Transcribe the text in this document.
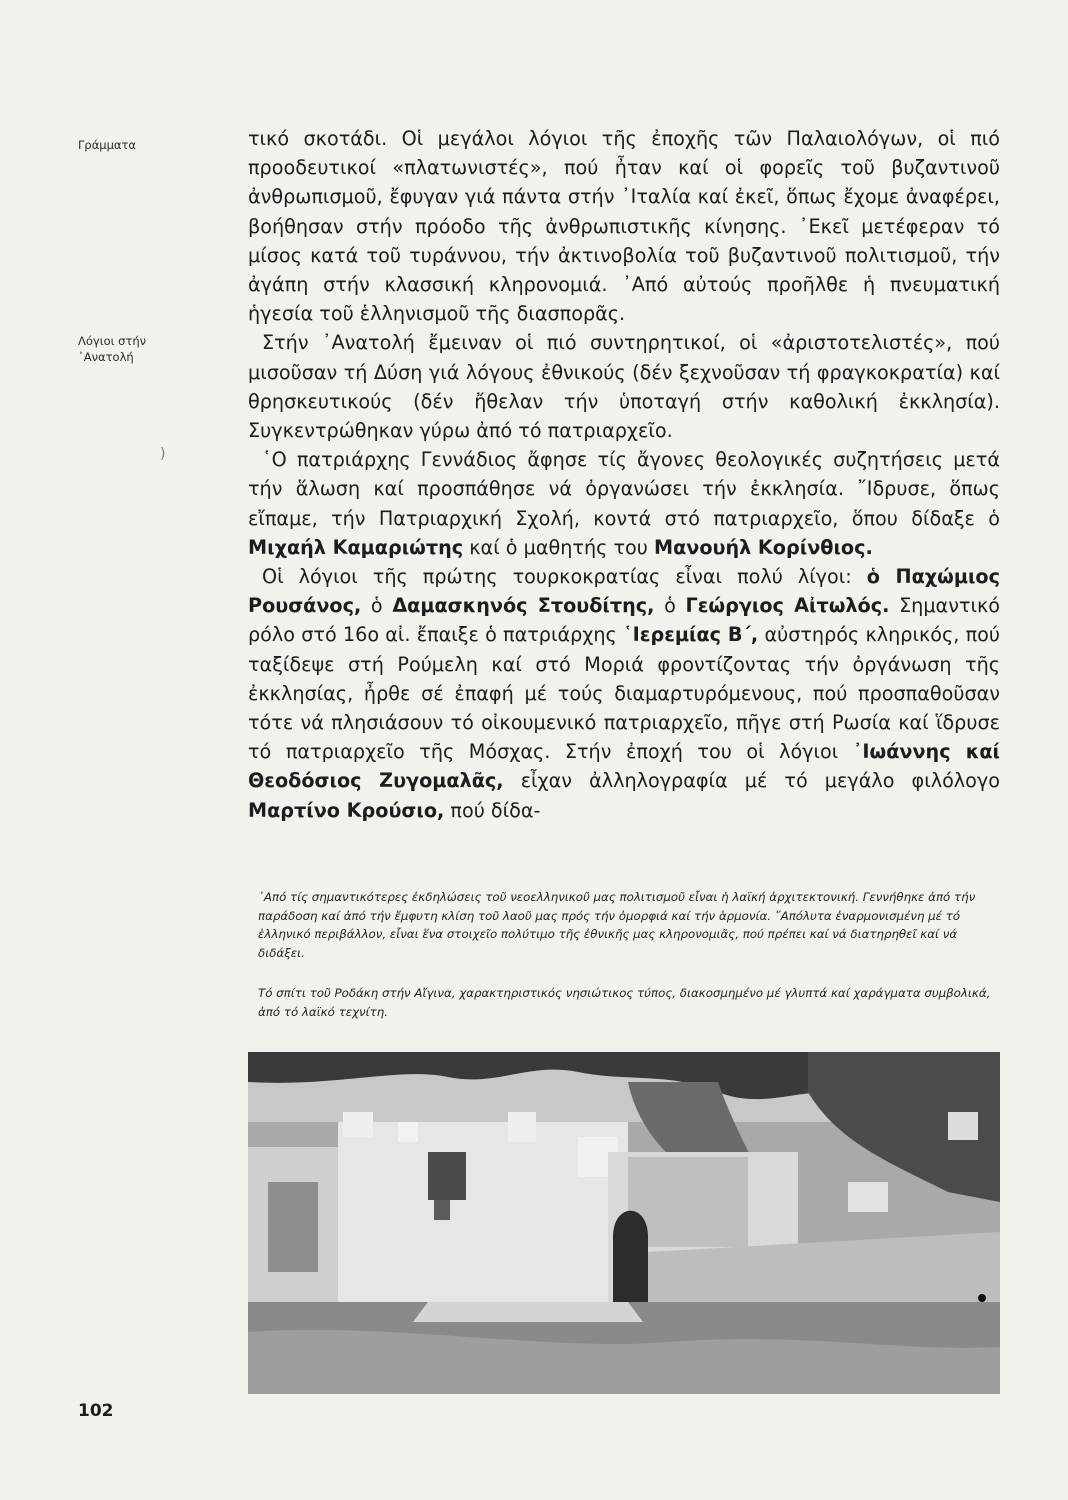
Γράμματα
Λόγιοι στήν
᾿Ανατολή
)

τικό σκοτάδι. Οἱ μεγάλοι λόγιοι τῆς ἐποχῆς τῶν Παλαιολόγων, οἱ πιό προοδευτικοί «πλατωνιστές», πού ἦταν καί οἱ φορεῖς τοῦ βυζαντινοῦ ἀνθρωπισμοῦ, ἔφυγαν γιά πάντα στήν ᾿Ιταλία καί ἐκεῖ, ὅπως ἔχομε ἀναφέρει, βοήθησαν στήν πρόοδο τῆς ἀνθρωπιστικῆς κίνησης. ᾿Εκεῖ μετέφεραν τό μίσος κατά τοῦ τυράννου, τήν ἀκτινοβολία τοῦ βυζαντινοῦ πολιτισμοῦ, τήν ἀγάπη στήν κλασσική κληρονομιά. ᾿Από αὐτούς προῆλθε ἡ πνευματική ἡγεσία τοῦ ἑλληνισμοῦ τῆς διασπορᾶς.

Στήν ᾿Ανατολή ἔμειναν οἱ πιό συντηρητικοί, οἱ «ἀριστοτελιστές», πού μισοῦσαν τή Δύση γιά λόγους ἐθνικούς (δέν ξεχνοῦσαν τή φραγκοκρατία) καί θρησκευτικούς (δέν ἤθελαν τήν ὑποταγή στήν καθολική ἐκκλησία). Συγκεντρώθηκαν γύρω ἀπό τό πατριαρχεῖο.

῾Ο πατριάρχης Γεννάδιος ἄφησε τίς ἄγονες θεολογικές συζητήσεις μετά τήν ἅλωση καί προσπάθησε νά ὀργανώσει τήν ἐκκλησία. ῎Ιδρυσε, ὅπως εἴπαμε, τήν Πατριαρχική Σχολή, κοντά στό πατριαρχεῖο, ὅπου δίδαξε ὁ Μιχαήλ Καμαριώτης καί ὁ μαθητής του Μανουήλ Κορίνθιος.

Οἱ λόγιοι τῆς πρώτης τουρκοκρατίας εἶναι πολύ λίγοι: ὁ Παχώμιος Ρουσάνος, ὁ Δαμασκηνός Στουδίτης, ὁ Γεώργιος Αἰτωλός. Σημαντικό ρόλο στό 16ο αἰ. ἔπαιξε ὁ πατριάρχης ῾Ιερεμίας Β΄, αὐστηρός κληρικός, πού ταξίδεψε στή Ρούμελη καί στό Μοριά φροντίζοντας τήν ὀργάνωση τῆς ἐκκλησίας, ἦρθε σέ ἐπαφή μέ τούς διαμαρτυρόμενους, πού προσπαθοῦσαν τότε νά πλησιάσουν τό οἰκουμενικό πατριαρχεῖο, πῆγε στή Ρωσία καί ἵδρυσε τό πατριαρχεῖο τῆς Μόσχας. Στήν ἐποχή του οἱ λόγιοι ᾿Ιωάννης καί Θεοδόσιος Ζυγομαλᾶς, εἶχαν ἀλληλογραφία μέ τό μεγάλο φιλόλογο Μαρτίνο Κρούσιο, πού δίδα-

᾿Από τίς σημαντικότερες ἐκδηλώσεις τοῦ νεοελληνικοῦ μας πολιτισμοῦ εἶναι ἡ λαϊκή ἀρχιτεκτονική. Γεννήθηκε ἀπό τήν παράδοση καί ἀπό τήν ἔμφυτη κλίση τοῦ λαοῦ μας πρός τήν ὀμορφιά καί τήν ἁρμονία. ῎Απόλυτα ἐναρμονισμένη μέ τό ἑλληνικό περιβάλλον, εἶναι ἕνα στοιχεῖο πολύτιμο τῆς ἐθνικῆς μας κληρονομιᾶς, πού πρέπει καί νά διατηρηθεῖ καί νά διδάξει.

Τό σπίτι τοῦ Ροδάκη στήν Αἴγινα, χαρακτηριστικός νησιώτικος τύπος, διακοσμημένο μέ γλυπτά καί χαράγματα συμβολικά, ἀπό τό λαϊκό τεχνίτη.

102
